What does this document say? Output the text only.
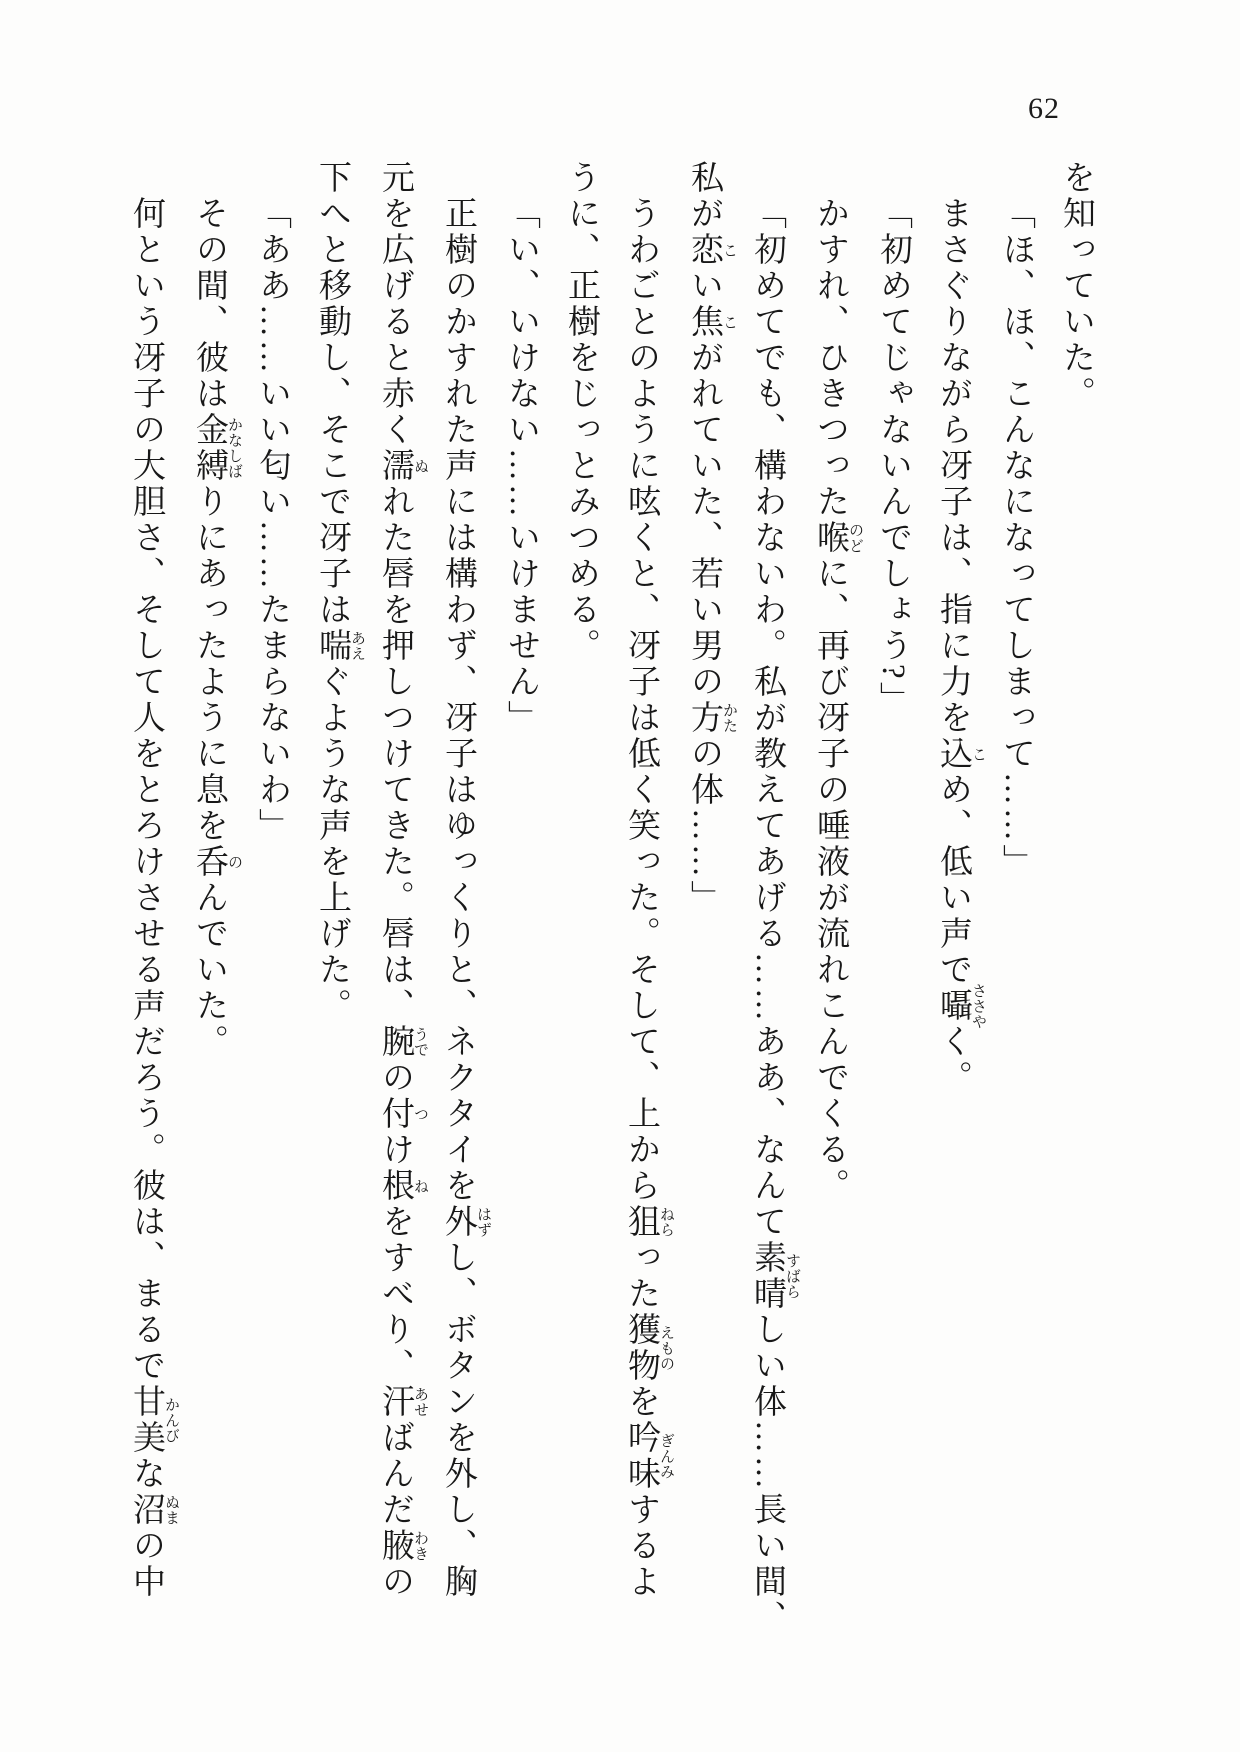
62

を知っていた。

「ほ、ほ、こんなになってしまって……」

まさぐりながら冴子は、指に力を込 こめ、低い声で囁 ささやく。

「初めてじゃないんでしょう?」

かすれ、ひきつった喉 のどに、再び冴子の唾液が流れこんでくる。

「初めてでも、構わないわ。私が教えてあげる……ああ、なんて素晴 すばらしい体……長い間、

私が恋 こい焦 こがれていた、若い男の方 かたの体……」

うわごとのように呟くと、冴子は低く笑った。そして、上から狙 ねらった獲物 えものを吟味 ぎんみするよ

うに、正樹をじっとみつめる。

「い、いけない……いけません」

正樹のかすれた声には構わず、冴子はゆっくりと、ネクタイを外 はずし、ボタンを外し、胸

元を広げると赤く濡 ぬれた唇を押しつけてきた。唇は、腕 うでの付 つけ根 ねをすべり、汗 あせばんだ腋 わきの

下へと移動し、そこで冴子は喘 あえぐような声を上げた。

「ああ……いい匂い……たまらないわ」

その間、彼は金縛 かなしばりにあったように息を呑 のんでいた。

何という冴子の大胆さ、そして人をとろけさせる声だろう。彼は、まるで甘美 かんびな沼 ぬまの中
